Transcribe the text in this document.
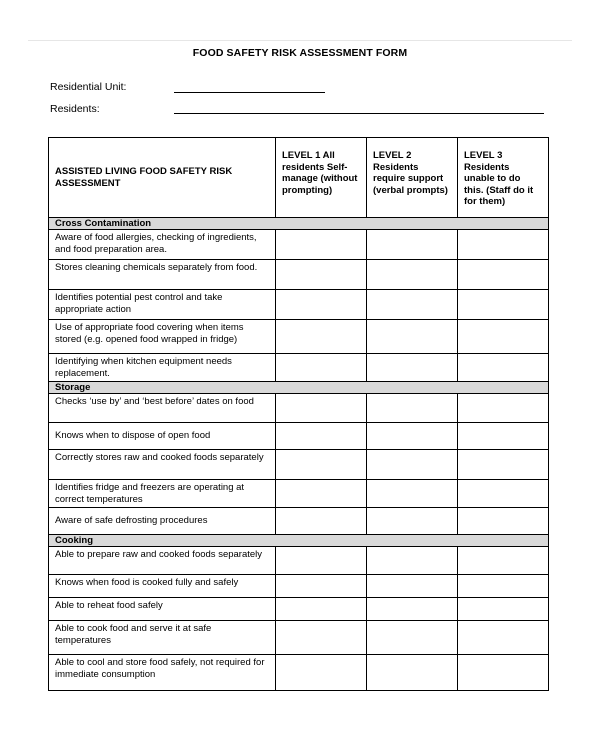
FOOD SAFETY RISK ASSESSMENT FORM
Residential Unit:
Residents:
ASSISTED LIVING FOOD SAFETY RISK ASSESSMENT	LEVEL 1 All residents Self-manage (without prompting)	LEVEL 2 Residents require support (verbal prompts)	LEVEL 3 Residents unable to do this. (Staff do it for them)
Cross Contamination			
Aware of food allergies, checking of ingredients, and food preparation area.			
Stores cleaning chemicals separately from food.			
Identifies potential pest control and take appropriate action			
Use of appropriate food covering when items stored (e.g. opened food wrapped in fridge)			
Identifying when kitchen equipment needs replacement.			
Storage			
Checks ‘use by’ and ‘best before’ dates on food			
Knows when to dispose of open food			
Correctly stores raw and cooked foods separately			
Identifies fridge and freezers are operating at correct temperatures			
Aware of safe defrosting procedures			
Cooking			
Able to prepare raw and cooked foods separately			
Knows when food is cooked fully and safely			
Able to reheat food safely			
Able to cook food and serve it at safe temperatures			
Able to cool and store food safely, not required for immediate consumption			
